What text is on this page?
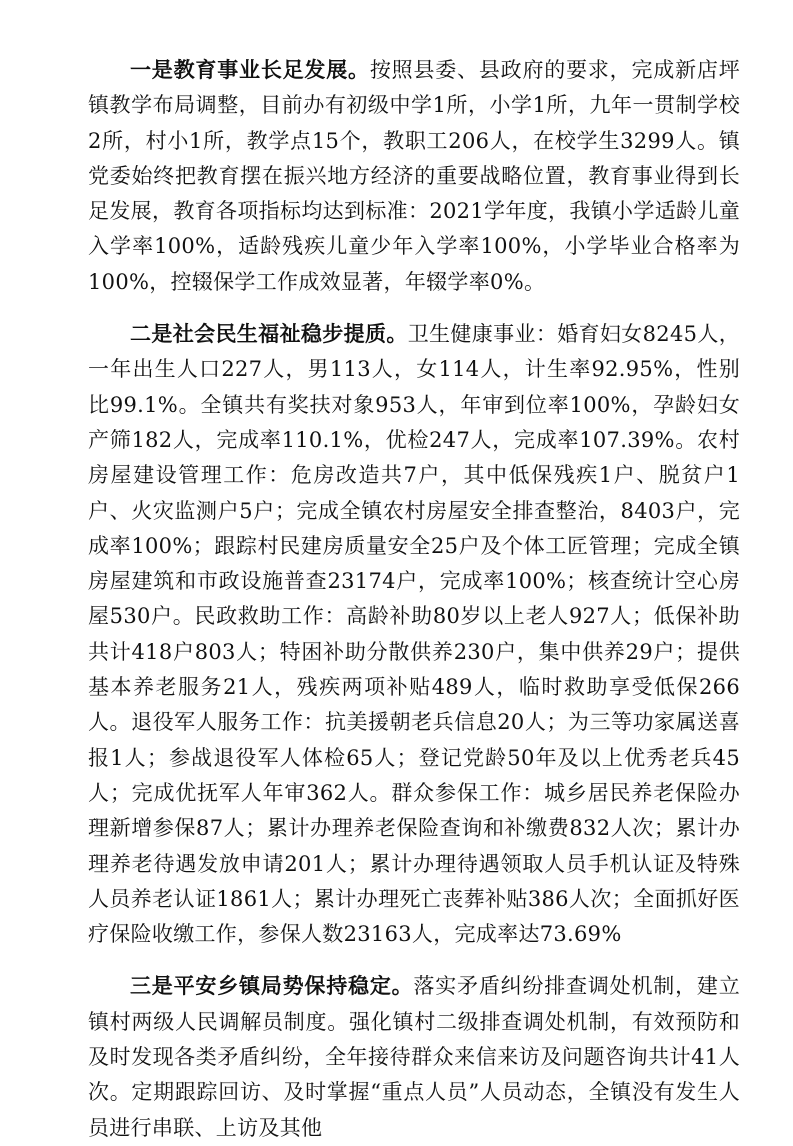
一是教育事业长足发展。按照县委、县政府的要求，完成新店坪镇教学布局调整，目前办有初级中学1所，小学1所，九年一贯制学校2所，村小1所，教学点15个，教职工206人，在校学生3299人。镇党委始终把教育摆在振兴地方经济的重要战略位置，教育事业得到长足发展，教育各项指标均达到标准：2021学年度，我镇小学适龄儿童入学率100%，适龄残疾儿童少年入学率100%，小学毕业合格率为100%，控辍保学工作成效显著，年辍学率0%。

二是社会民生福祉稳步提质。卫生健康事业：婚育妇女8245人，一年出生人口227人，男113人，女114人，计生率92.95%，性别比99.1%。全镇共有奖扶对象953人，年审到位率100%，孕龄妇女产筛182人，完成率110.1%，优检247人，完成率107.39%。农村房屋建设管理工作：危房改造共7户，其中低保残疾1户、脱贫户1户、火灾监测户5户；完成全镇农村房屋安全排查整治，8403户，完成率100%；跟踪村民建房质量安全25户及个体工匠管理；完成全镇房屋建筑和市政设施普查23174户，完成率100%；核查统计空心房屋530户。民政救助工作：高龄补助80岁以上老人927人；低保补助共计418户803人；特困补助分散供养230户，集中供养29户；提供基本养老服务21人，残疾两项补贴489人，临时救助享受低保266人。退役军人服务工作：抗美援朝老兵信息20人；为三等功家属送喜报1人；参战退役军人体检65人；登记党龄50年及以上优秀老兵45人；完成优抚军人年审362人。群众参保工作：城乡居民养老保险办理新增参保87人；累计办理养老保险查询和补缴费832人次；累计办理养老待遇发放申请201人；累计办理待遇领取人员手机认证及特殊人员养老认证1861人；累计办理死亡丧葬补贴386人次；全面抓好医疗保险收缴工作，参保人数23163人，完成率达73.69%

三是平安乡镇局势保持稳定。落实矛盾纠纷排查调处机制，建立镇村两级人民调解员制度。强化镇村二级排查调处机制，有效预防和及时发现各类矛盾纠纷，全年接待群众来信来访及问题咨询共计41人次。定期跟踪回访、及时掌握“重点人员”人员动态，全镇没有发生人员进行串联、上访及其他
